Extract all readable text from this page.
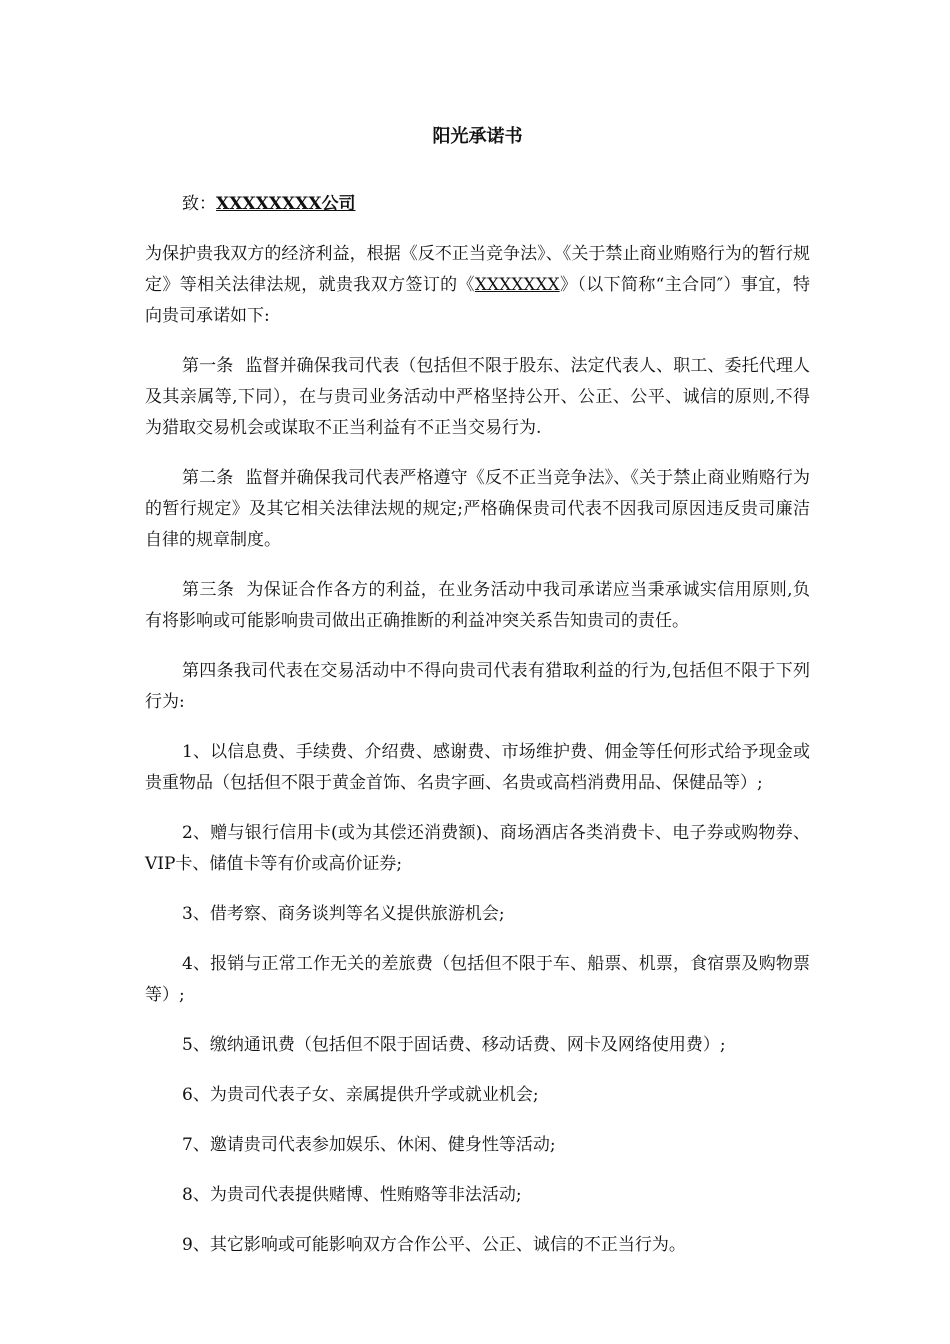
阳光承诺书
致：XXXXXXXX公司

为保护贵我双方的经济利益，根据《反不正当竞争法》、《关于禁止商业贿赂行为的暂行规定》等相关法律法规，就贵我双方签订的《XXXXXXX》（以下简称“主合同″）事宜，特向贵司承诺如下:

第一条 监督并确保我司代表（包括但不限于股东、法定代表人、职工、委托代理人及其亲属等,下同），在与贵司业务活动中严格坚持公开、公正、公平、诚信的原则,不得为猎取交易机会或谋取不正当利益有不正当交易行为.

第二条 监督并确保我司代表严格遵守《反不正当竞争法》、《关于禁止商业贿赂行为的暂行规定》及其它相关法律法规的规定;严格确保贵司代表不因我司原因违反贵司廉洁自律的规章制度。

第三条 为保证合作各方的利益，在业务活动中我司承诺应当秉承诚实信用原则,负有将影响或可能影响贵司做出正确推断的利益冲突关系告知贵司的责任。

第四条我司代表在交易活动中不得向贵司代表有猎取利益的行为,包括但不限于下列行为:

1、以信息费、手续费、介绍费、感谢费、市场维护费、佣金等任何形式给予现金或贵重物品（包括但不限于黄金首饰、名贵字画、名贵或高档消费用品、保健品等）;

2、赠与银行信用卡(或为其偿还消费额)、商场酒店各类消费卡、电子券或购物券、VIP卡、储值卡等有价或高价证券;

3、借考察、商务谈判等名义提供旅游机会;

4、报销与正常工作无关的差旅费（包括但不限于车、船票、机票，食宿票及购物票等）;

5、缴纳通讯费（包括但不限于固话费、移动话费、网卡及网络使用费）;

6、为贵司代表子女、亲属提供升学或就业机会;

7、邀请贵司代表参加娱乐、休闲、健身性等活动;

8、为贵司代表提供赌博、性贿赂等非法活动;

9、其它影响或可能影响双方合作公平、公正、诚信的不正当行为。
